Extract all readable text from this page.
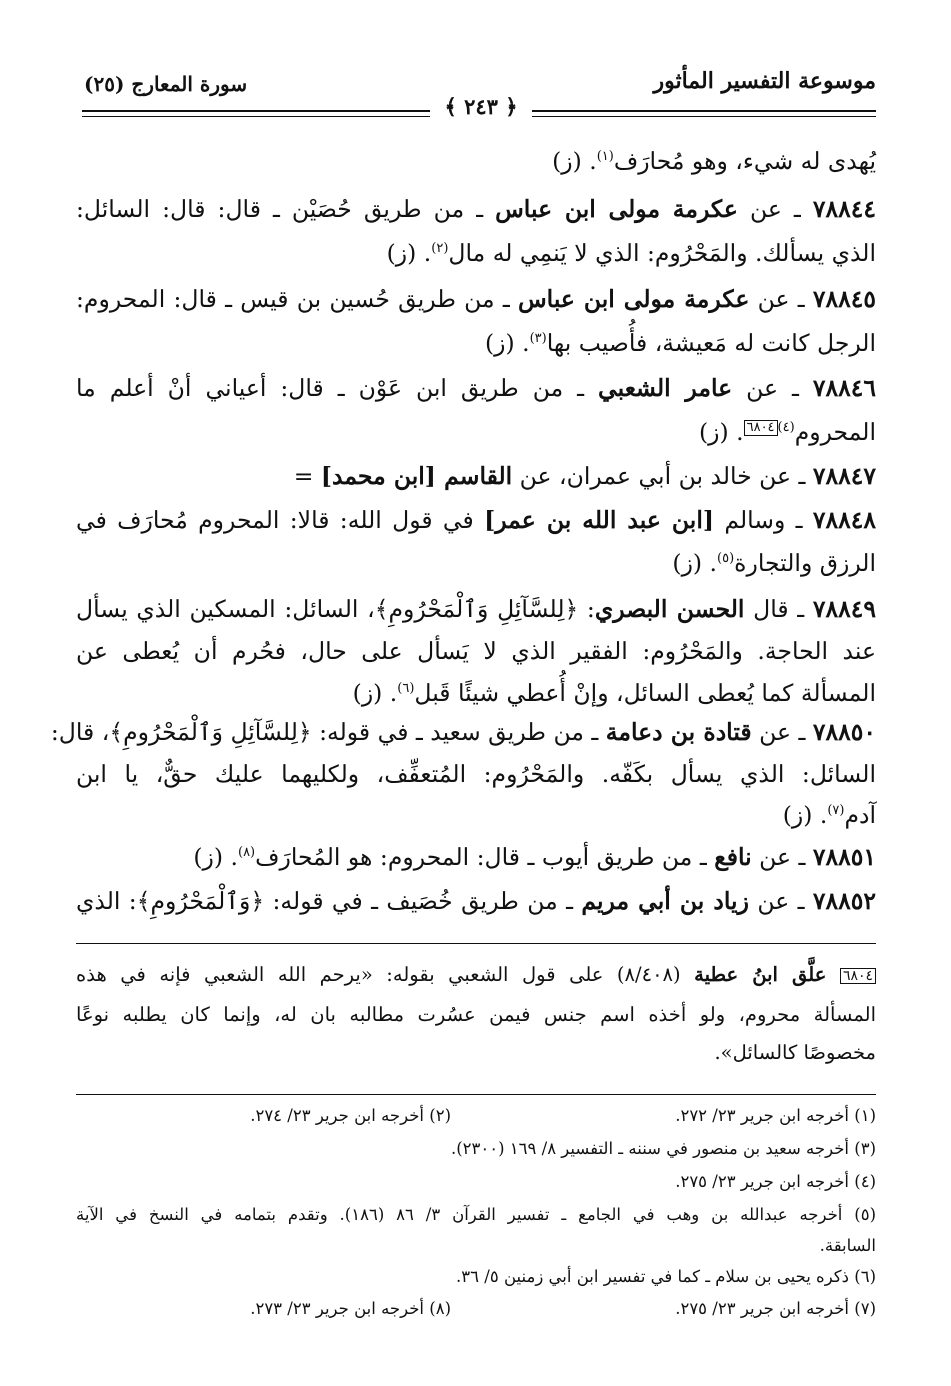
موسوعة التفسير المأثور
سورة المعارج (٢٥)
﴾ ٢٤٣ ﴿
يُهدى له شيء، وهو مُحارَف$^{(١)}$. (ز)
٧٨٨٤٤ ـ عن عكرمة مولى ابن عباس ـ من طريق حُصَيْن ـ قال: قال: السائل:
الذي يسألك. والمَحْرُوم: الذي لا يَنمِي له مال$^{(٢)}$. (ز)
٧٨٨٤٥ ـ عن عكرمة مولى ابن عباس ـ من طريق حُسين بن قيس ـ قال: المحروم:
الرجل كانت له مَعيشة، فأُصيب بها$^{(٣)}$. (ز)
٧٨٨٤٦ ـ عن عامر الشعبي ـ من طريق ابن عَوْن ـ قال: أعياني أنْ أعلم ما
المحروم$^{(٤)}$٦٨٠٤. (ز)
٧٨٨٤٧ ـ عن خالد بن أبي عمران، عن القاسم [ابن محمد] =
٧٨٨٤٨ ـ وسالم [ابن عبد الله بن عمر] في قول الله: قالا: المحروم مُحارَف في
الرزق والتجارة$^{(٥)}$. (ز)
٧٨٨٤٩ ـ قال الحسن البصري: ﴿لِلسَّآئِلِ وَٱلْمَحْرُومِ﴾، السائل: المسكين الذي يسأل
عند الحاجة. والمَحْرُوم: الفقير الذي لا يَسأل على حال، فحُرم أن يُعطى عن
المسألة كما يُعطى السائل، وإنْ أُعطي شيئًا قَبل$^{(٦)}$. (ز)
٧٨٨٥٠ ـ عن قتادة بن دعامة ـ من طريق سعيد ـ في قوله: ﴿لِلسَّآئِلِ وَٱلْمَحْرُومِ﴾، قال:
السائل: الذي يسأل بكَفّه. والمَحْرُوم: المُتعفِّف، ولكليهما عليك حقٌّ، يا ابن
آدم$^{(٧)}$. (ز)
٧٨٨٥١ ـ عن نافع ـ من طريق أيوب ـ قال: المحروم: هو المُحارَف$^{(٨)}$. (ز)
٧٨٨٥٢ ـ عن زياد بن أبي مريم ـ من طريق خُصَيف ـ في قوله: ﴿وَٱلْمَحْرُومِ﴾: الذي
٦٨٠٤ علَّق ابنُ عطية (٨/٤٠٨) على قول الشعبي بقوله: «يرحم الله الشعبي فإنه في هذه
المسألة محروم، ولو أخذه اسم جنس فيمن عسُرت مطالبه بان له، وإنما كان يطلبه نوعًا
مخصوصًا كالسائل».
(١) أخرجه ابن جرير ٢٣/ ٢٧٢.
(٢) أخرجه ابن جرير ٢٣/ ٢٧٤.
(٣) أخرجه سعيد بن منصور في سننه ـ التفسير ٨/ ١٦٩ (٢٣٠٠).
(٤) أخرجه ابن جرير ٢٣/ ٢٧٥.
(٥) أخرجه عبدالله بن وهب في الجامع ـ تفسير القرآن ٣/ ٨٦ (١٨٦). وتقدم بتمامه في النسخ في الآية
السابقة.
(٦) ذكره يحيى بن سلام ـ كما في تفسير ابن أبي زمنين ٥/ ٣٦.
(٧) أخرجه ابن جرير ٢٣/ ٢٧٥.
(٨) أخرجه ابن جرير ٢٣/ ٢٧٣.
